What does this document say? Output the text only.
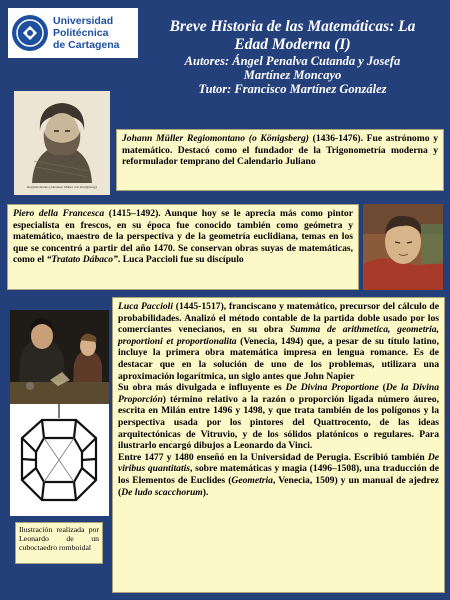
Universidad
Politécnica
de Cartagena
Breve Historia de las Matemáticas: La
Edad Moderna (I)
Autores: Ángel Penalva Cutanda y Josefa
Martínez Moncayo
Tutor: Francisco Martínez González
Regiomontanus (Johannes Müller von Königsberg)

Johann Müller Regiomontano (o Königsberg) (1436-1476). Fue astrónomo y matemático. Destacó como el fundador de la Trigonometría moderna y reformulador temprano del Calendario Juliano

Piero della Francesca (1415–1492). Aunque hoy se le aprecia más como pintor especialista en frescos, en su época fue conocido también como geómetra y matemático, maestro de la perspectiva y de la geometría euclidiana, temas en los que se concentró a partir del año 1470. Se conservan obras suyas de matemáticas, como el “Tratato Dábaco”. Luca Paccioli fue su discípulo

Ilustración realizada por Leonardo de un cuboctaedro romboidal

Luca Paccioli (1445-1517), franciscano y matemático, precursor del cálculo de probabilidades. Analizó el método contable de la partida doble usado por los comerciantes venecianos, en su obra Summa de arithmetica, geometria, proportioni et proportionalita (Venecia, 1494) que, a pesar de su título latino, incluye la primera obra matemática impresa en lengua romance. Es de destacar que en la solución de uno de los problemas, utilizara una aproximación logarítmica, un siglo antes que John Napier

Su obra más divulgada e influyente es De Divina Proportione (De la Divina Proporción) término relativo a la razón o proporción ligada número áureo, escrita en Milán entre 1496 y 1498, y que trata también de los polígonos y la perspectiva usada por los pintores del Quattrocento, de las ideas arquitectónicas de Vitruvio, y de los sólidos platónicos o regulares. Para ilustrarlo encargó dibujos a Leonardo da Vinci.

Entre 1477 y 1480 enseñó en la Universidad de Perugia. Escribió también De viribus quantitatis, sobre matemáticas y magia (1496–1508), una traducción de los Elementos de Euclides (Geometria, Venecia, 1509) y un manual de ajedrez (De ludo scacchorum).
